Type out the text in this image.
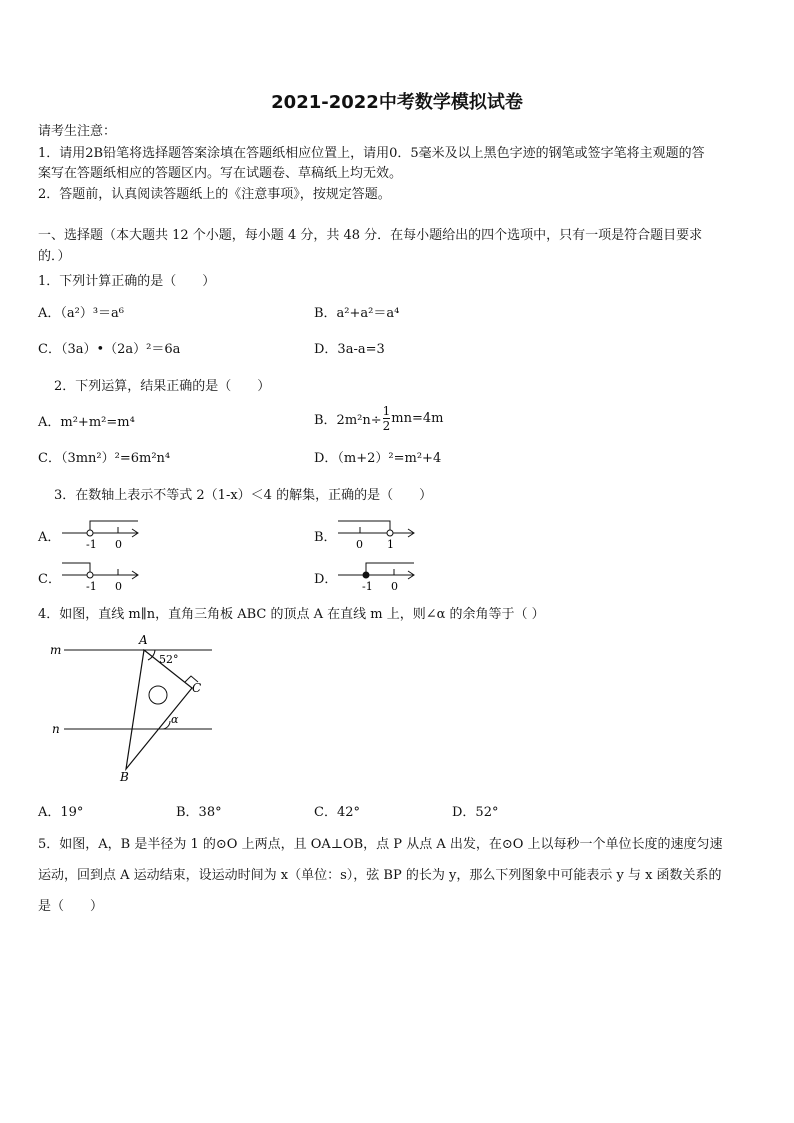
2021-2022中考数学模拟试卷
请考生注意：
1．请用2B铅笔将选择题答案涂填在答题纸相应位置上，请用0．5毫米及以上黑色字迹的钢笔或签字笔将主观题的答
案写在答题纸相应的答题区内。写在试题卷、草稿纸上均无效。
2．答题前，认真阅读答题纸上的《注意事项》，按规定答题。
一、选择题（本大题共 12 个小题，每小题 4 分，共 48 分．在每小题给出的四个选项中，只有一项是符合题目要求
的．）
1．下列计算正确的是（　　）
A．（a²）³＝a⁶	B．a²+a²＝a⁴
C．（3a）•（2a）²＝6a	D．3a-a=3
2．下列运算，结果正确的是（　　）
A．m²+m²=m⁴	B．$2m^2n\div \frac{1}{2} mn=4m$
C．（3mn²）²=6m²n⁴	D．（m+2）²=m²+4
3．在数轴上表示不等式 2（1-x）＜4 的解集，正确的是（　　）
A． -1 0	B． 0 1
C． -1 0	D． -1 0
4．如图，直线 m∥n，直角三角板 ABC 的顶点 A 在直线 m 上，则∠α 的余角等于（ ）
m
n
A
B
C
52°
α
A．19°	B．38°	C．42°	D．52°
5．如图，A，B 是半径为 1 的⊙O 上两点，且 OA⊥OB，点 P 从点 A 出发，在⊙O 上以每秒一个单位长度的速度匀速
运动，回到点 A 运动结束，设运动时间为 x（单位：s），弦 BP 的长为 y，那么下列图象中可能表示 y 与 x 函数关系的
是（　　）
